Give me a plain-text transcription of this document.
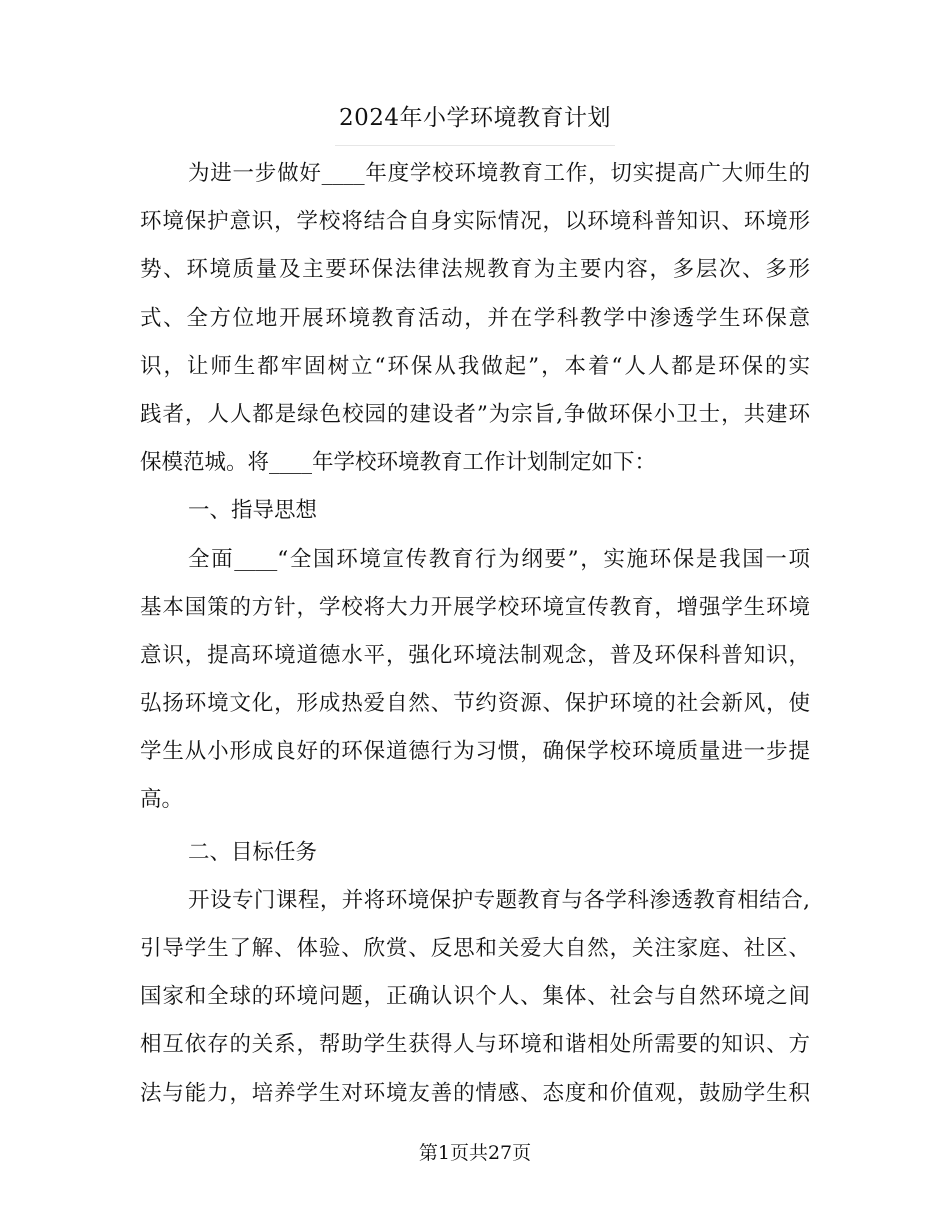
2024年小学环境教育计划
为进一步做好____年度学校环境教育工作，切实提高广大师生的
环境保护意识，学校将结合自身实际情况，以环境科普知识、环境形
势、环境质量及主要环保法律法规教育为主要内容，多层次、多形
式、全方位地开展环境教育活动，并在学科教学中渗透学生环保意
识，让师生都牢固树立“环保从我做起”，本着“人人都是环保的实
践者，人人都是绿色校园的建设者”为宗旨,争做环保小卫士，共建环
保模范城。将____年学校环境教育工作计划制定如下：
一、指导思想
全面____“全国环境宣传教育行为纲要”，实施环保是我国一项
基本国策的方针，学校将大力开展学校环境宣传教育，增强学生环境
意识，提高环境道德水平，强化环境法制观念，普及环保科普知识，
弘扬环境文化，形成热爱自然、节约资源、保护环境的社会新风，使
学生从小形成良好的环保道德行为习惯，确保学校环境质量进一步提
高。
二、目标任务
开设专门课程，并将环境保护专题教育与各学科渗透教育相结合,
引导学生了解、体验、欣赏、反思和关爱大自然，关注家庭、社区、
国家和全球的环境问题，正确认识个人、集体、社会与自然环境之间
相互依存的关系，帮助学生获得人与环境和谐相处所需要的知识、方
法与能力，培养学生对环境友善的情感、态度和价值观，鼓励学生积
第1页共27页
